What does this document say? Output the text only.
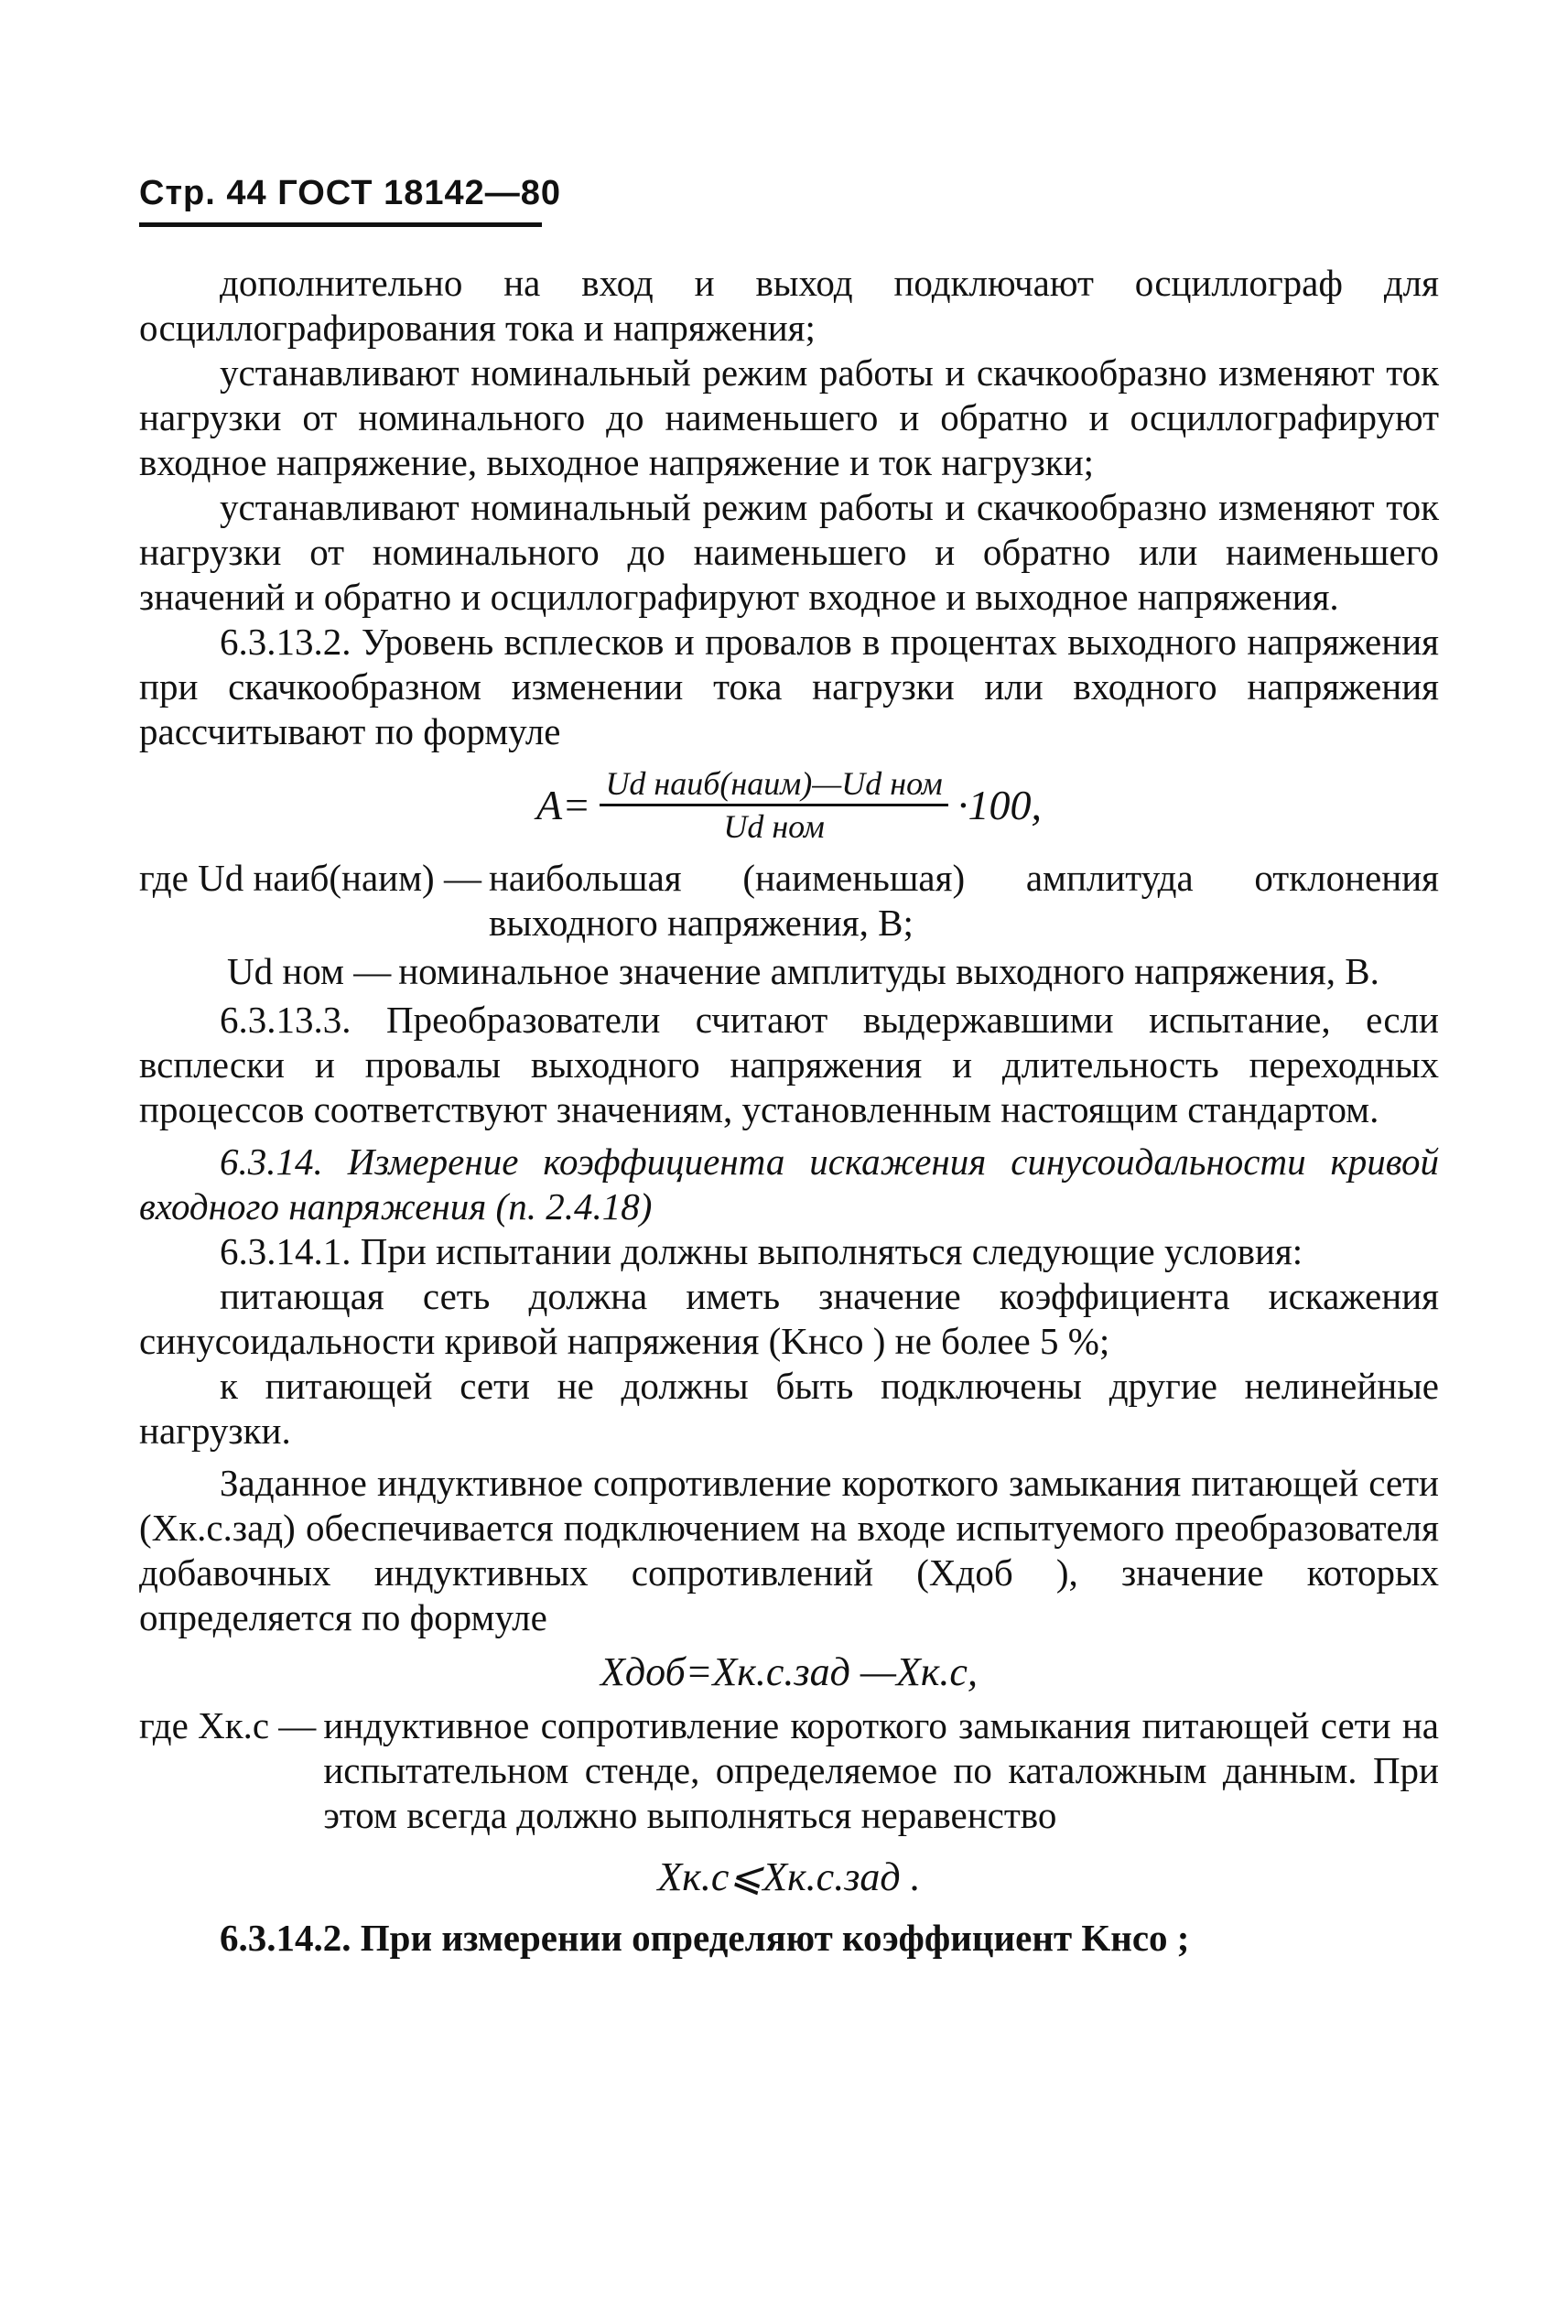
Стр. 44 ГОСТ 18142—80

дополнительно на вход и выход подключают осциллограф для осциллографирования тока и напряжения;

устанавливают номинальный режим работы и скачкообразно изменяют ток нагрузки от номинального до наименьшего и обратно и осциллографируют входное напряжение, выходное напряжение и ток нагрузки;

устанавливают номинальный режим работы и скачкообразно изменяют ток нагрузки от номинального до наименьшего и обратно или наименьшего значений и обратно и осциллографируют входное и выходное напряжения.

6.3.13.2. Уровень всплесков и провалов в процентах выходного напряжения при скачкообразном изменении тока нагрузки или входного напряжения рассчитывают по формуле

$A= \frac{\text{Ud наиб(наим)—Ud ном}}{\text{Ud ном}} \cdot 100$,
где Ud наиб(наим) — наибольшая (наименьшая) амплитуда отклонения выходного напряжения, В;
Ud ном — номинальное значение амплитуды выходного напряжения, В.

6.3.13.3. Преобразователи считают выдержавшими испытание, если всплески и провалы выходного напряжения и длительность переходных процессов соответствуют значениям, установленным настоящим стандартом.

6.3.14. Измерение коэффициента искажения синусоидальности кривой входного напряжения (п. 2.4.18)

6.3.14.1. При испытании должны выполняться следующие условия:

питающая сеть должна иметь значение коэффициента искажения синусоидальности кривой напряжения (Kнсо ) не более 5 %;

к питающей сети не должны быть подключены другие нелинейные нагрузки.

Заданное индуктивное сопротивление короткого замыкания питающей сети (Xк.с.зад) обеспечивается подключением на входе испытуемого преобразователя добавочных индуктивных сопротивлений (Xдоб ), значение которых определяется по формуле

Xдоб=Xк.с.зад —Xк.с,
где Xк.с — индуктивное сопротивление короткого замыкания питающей сети на испытательном стенде, определяемое по каталожным данным. При этом всегда должно выполняться неравенство
Xк.с⩽Xк.с.зад .

6.3.14.2. При измерении определяют коэффициент Kнсо ;
